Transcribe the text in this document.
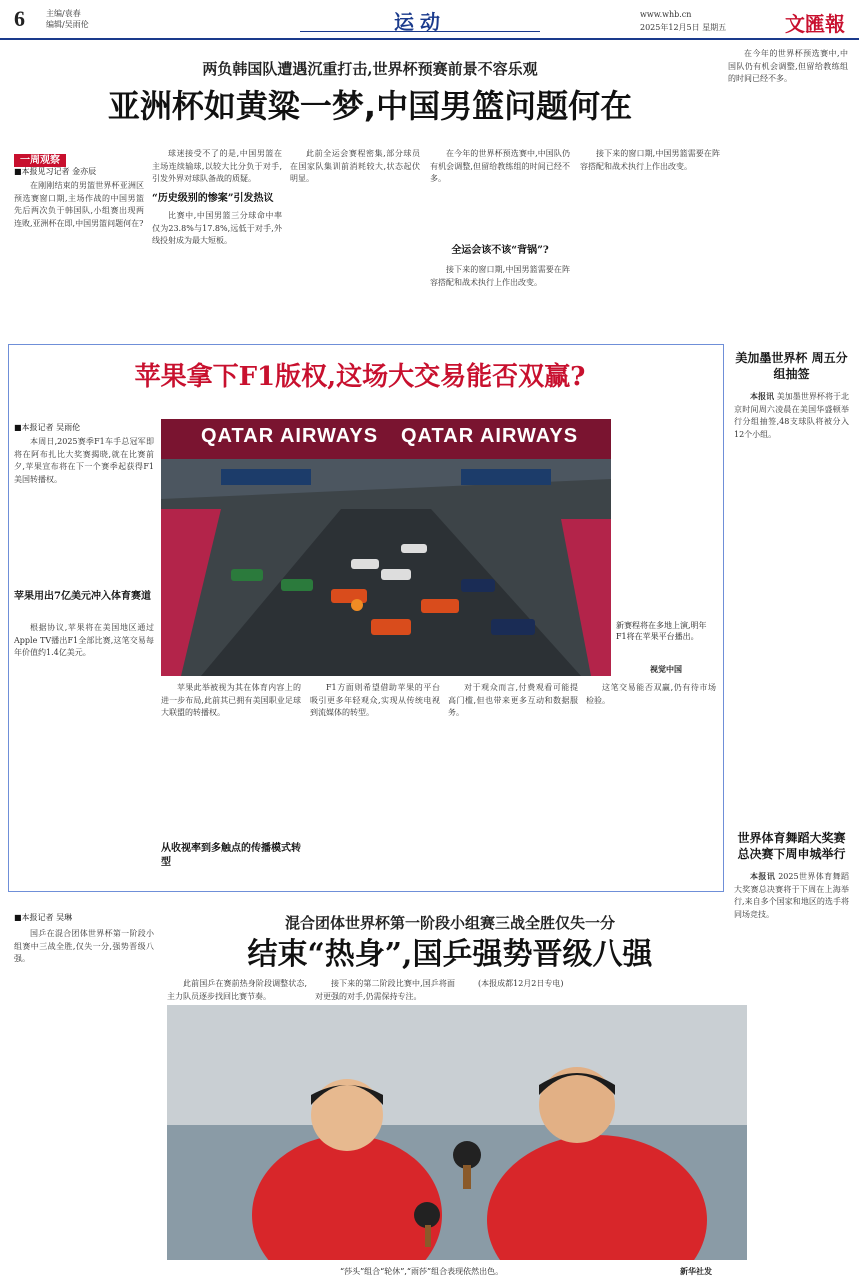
6	主编/袁春
编辑/吴雨伦	运动	www.whb.cn
2025年12月5日 星期五	文匯報
两负韩国队遭遇沉重打击,世界杯预赛前景不容乐观
亚洲杯如黄粱一梦,中国男篮问题何在
一周观察
■本报见习记者 金亦辰

在刚刚结束的男篮世界杯亚洲区预选赛窗口期,主场作战的中国男篮先后两次负于韩国队,小组赛出现两连败,亚洲杯在即,中国男篮问题何在?

球迷接受不了的是,中国男篮在主场连续输球,以较大比分负于对手,引发外界对球队备战的质疑。

“历史级别的惨案”引发热议

比赛中,中国男篮三分球命中率仅为23.8%与17.8%,远低于对手,外线投射成为最大短板。

此前全运会赛程密集,部分球员在国家队集训前消耗较大,状态起伏明显。

全运会该不该“背锅”?

在今年的世界杯预选赛中,中国队仍有机会调整,但留给教练组的时间已经不多。

接下来的窗口期,中国男篮需要在阵容搭配和战术执行上作出改变。

接下来的窗口期,中国男篮需要在阵容搭配和战术执行上作出改变。

在今年的世界杯预选赛中,中国队仍有机会调整,但留给教练组的时间已经不多。

苹果拿下F1版权,这场大交易能否双赢?
■本报记者 吴雨伦

本周日,2025赛季F1车手总冠军即将在阿布扎比大奖赛揭晓,就在比赛前夕,苹果宣布将在下一个赛季起获得F1美国转播权。

苹果用出7亿美元冲入体育赛道

根据协议,苹果将在美国地区通过Apple TV播出F1全部比赛,这笔交易每年价值约1.4亿美元。

QATAR AIRWAYS QATAR AIRWAYS
新赛程将在多地上演,明年F1将在苹果平台播出。
视觉中国

苹果此举被视为其在体育内容上的进一步布局,此前其已拥有美国职业足球大联盟的转播权。

从收视率到多触点的传播模式转型

F1方面则希望借助苹果的平台吸引更多年轻观众,实现从传统电视到流媒体的转型。

对于观众而言,付费观看可能提高门槛,但也带来更多互动和数据服务。

这笔交易能否双赢,仍有待市场检验。

美加墨世界杯 周五分组抽签

本报讯 美加墨世界杯将于北京时间周六凌晨在美国华盛顿举行分组抽签,48支球队将被分入12个小组。

世界体育舞蹈大奖赛 总决赛下周申城举行

本报讯 2025世界体育舞蹈大奖赛总决赛将于下周在上海举行,来自多个国家和地区的选手将同场竞技。

■本报记者 吴琳

国乒在混合团体世界杯第一阶段小组赛中三战全胜,仅失一分,强势晋级八强。

混合团体世界杯第一阶段小组赛三战全胜仅失一分
结束“热身”,国乒强势晋级八强

此前国乒在赛前热身阶段调整状态,主力队员逐步找回比赛节奏。

接下来的第二阶段比赛中,国乒将面对更强的对手,仍需保持专注。

“莎头”组合“轮休”,“雨莎”组合表现依然出色。	新华社发

(本报成都12月2日专电)
